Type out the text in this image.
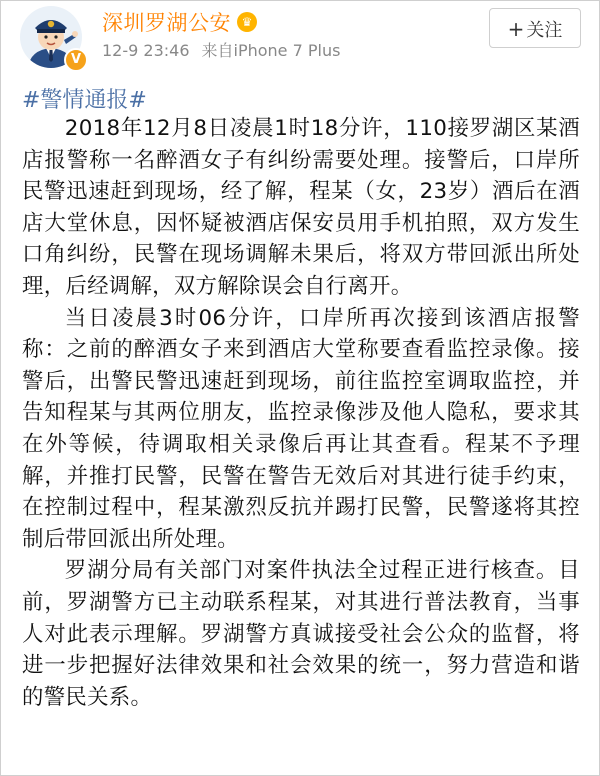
V
深圳罗湖公安 ♛
12-9 23:46 来自iPhone 7 Plus
+ 关注
#警情通报#

2018年12月8日凌晨1时18分许，110接罗湖区某酒店报警称一名醉酒女子有纠纷需要处理。接警后，口岸所民警迅速赶到现场，经了解，程某（女，23岁）酒后在酒店大堂休息，因怀疑被酒店保安员用手机拍照，双方发生口角纠纷，民警在现场调解未果后，将双方带回派出所处理，后经调解，双方解除误会自行离开。

当日凌晨3时06分许，口岸所再次接到该酒店报警称：之前的醉酒女子来到酒店大堂称要查看监控录像。接警后，出警民警迅速赶到现场，前往监控室调取监控，并告知程某与其两位朋友，监控录像涉及他人隐私，要求其在外等候，待调取相关录像后再让其查看。程某不予理解，并推打民警，民警在警告无效后对其进行徒手约束，在控制过程中，程某激烈反抗并踢打民警，民警遂将其控制后带回派出所处理。

罗湖分局有关部门对案件执法全过程正进行核查。目前，罗湖警方已主动联系程某，对其进行普法教育，当事人对此表示理解。罗湖警方真诚接受社会公众的监督，将进一步把握好法律效果和社会效果的统一，努力营造和谐的警民关系。
